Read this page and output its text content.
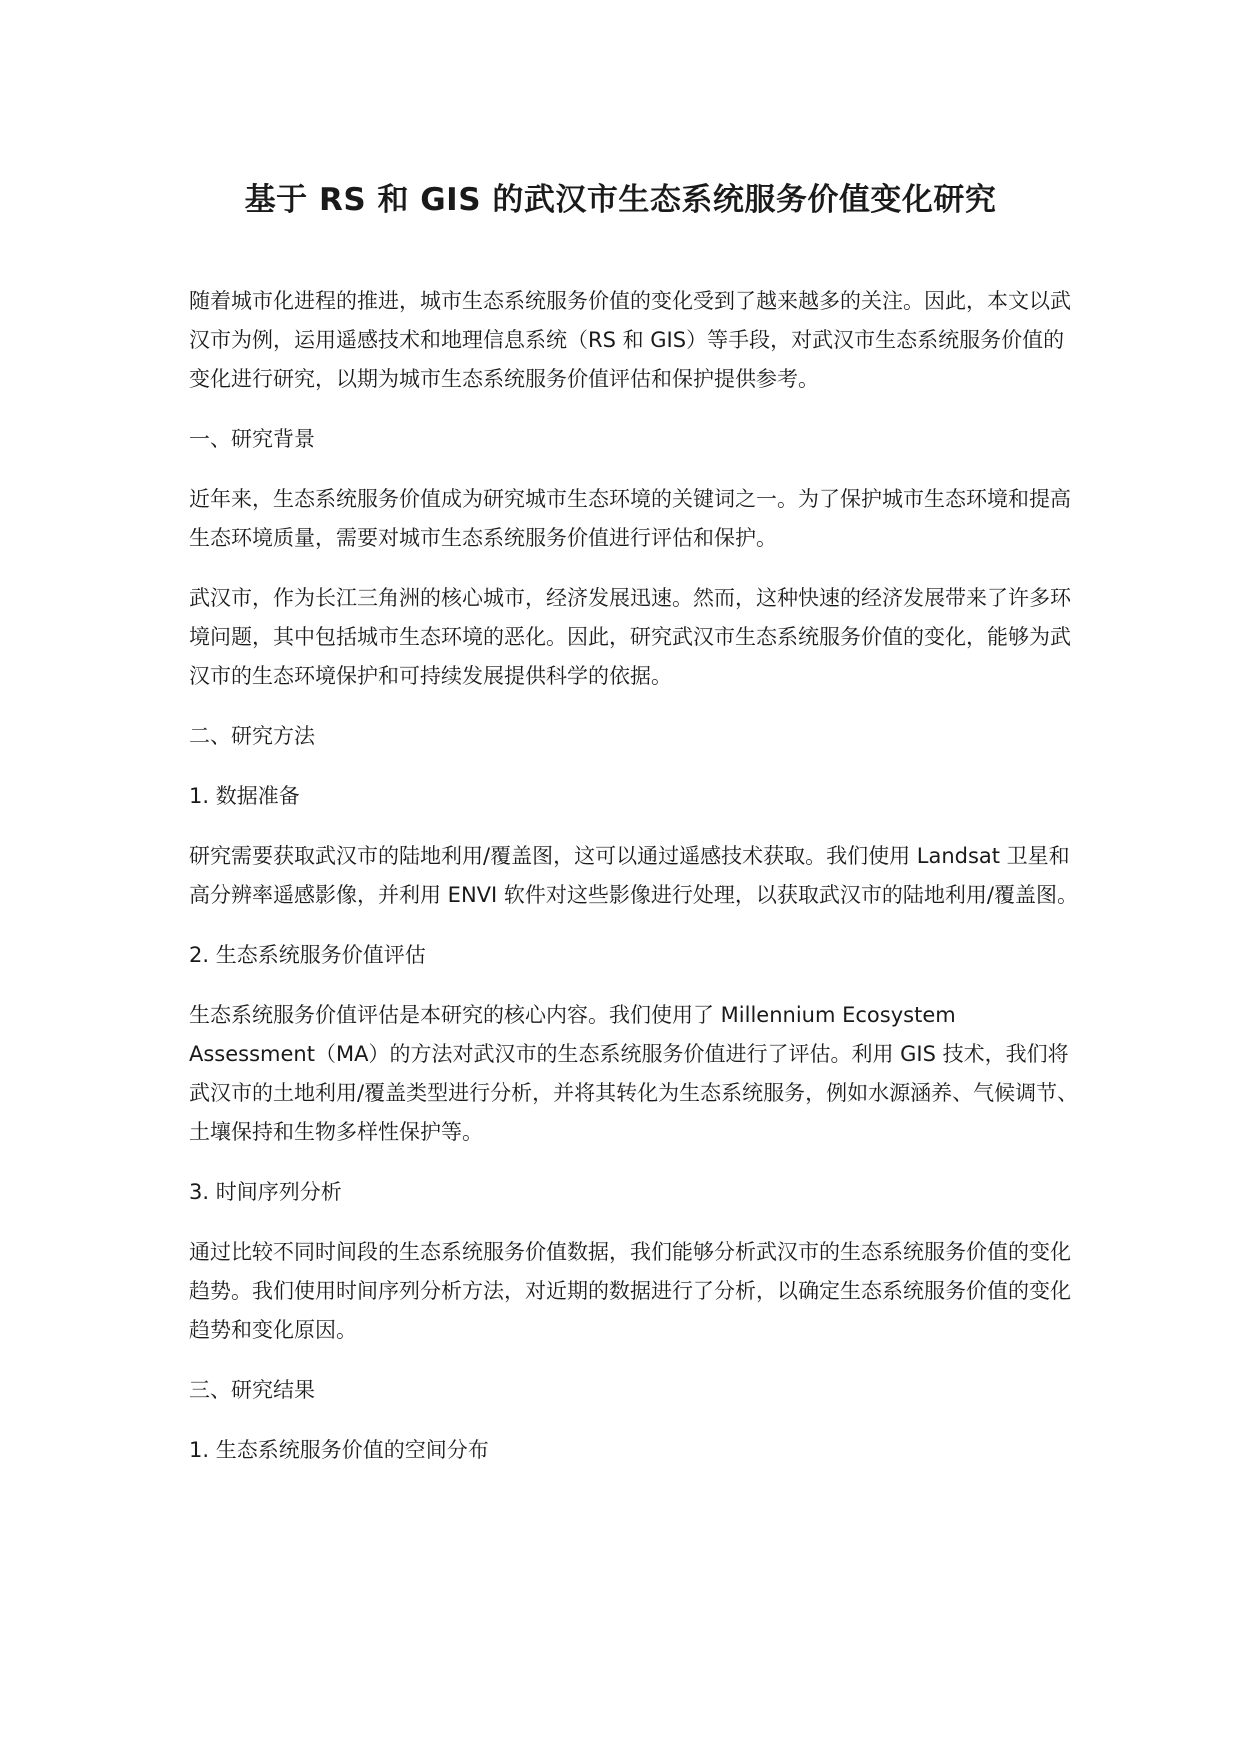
基于 RS 和 GIS 的武汉市生态系统服务价值变化研究

随着城市化进程的推进，城市生态系统服务价值的变化受到了越来越多的关注。因此，本文以武汉市为例，运用遥感技术和地理信息系统（RS 和 GIS）等手段，对武汉市生态系统服务价值的变化进行研究，以期为城市生态系统服务价值评估和保护提供参考。

一、研究背景

近年来，生态系统服务价值成为研究城市生态环境的关键词之一。为了保护城市生态环境和提高生态环境质量，需要对城市生态系统服务价值进行评估和保护。

武汉市，作为长江三角洲的核心城市，经济发展迅速。然而，这种快速的经济发展带来了许多环境问题，其中包括城市生态环境的恶化。因此，研究武汉市生态系统服务价值的变化，能够为武汉市的生态环境保护和可持续发展提供科学的依据。

二、研究方法

1. 数据准备

研究需要获取武汉市的陆地利用/覆盖图，这可以通过遥感技术获取。我们使用 Landsat 卫星和高分辨率遥感影像，并利用 ENVI 软件对这些影像进行处理，以获取武汉市的陆地利用/覆盖图。

2. 生态系统服务价值评估

生态系统服务价值评估是本研究的核心内容。我们使用了 Millennium Ecosystem Assessment（MA）的方法对武汉市的生态系统服务价值进行了评估。利用 GIS 技术，我们将武汉市的土地利用/覆盖类型进行分析，并将其转化为生态系统服务，例如水源涵养、气候调节、土壤保持和生物多样性保护等。

3. 时间序列分析

通过比较不同时间段的生态系统服务价值数据，我们能够分析武汉市的生态系统服务价值的变化趋势。我们使用时间序列分析方法，对近期的数据进行了分析，以确定生态系统服务价值的变化趋势和变化原因。

三、研究结果

1. 生态系统服务价值的空间分布
